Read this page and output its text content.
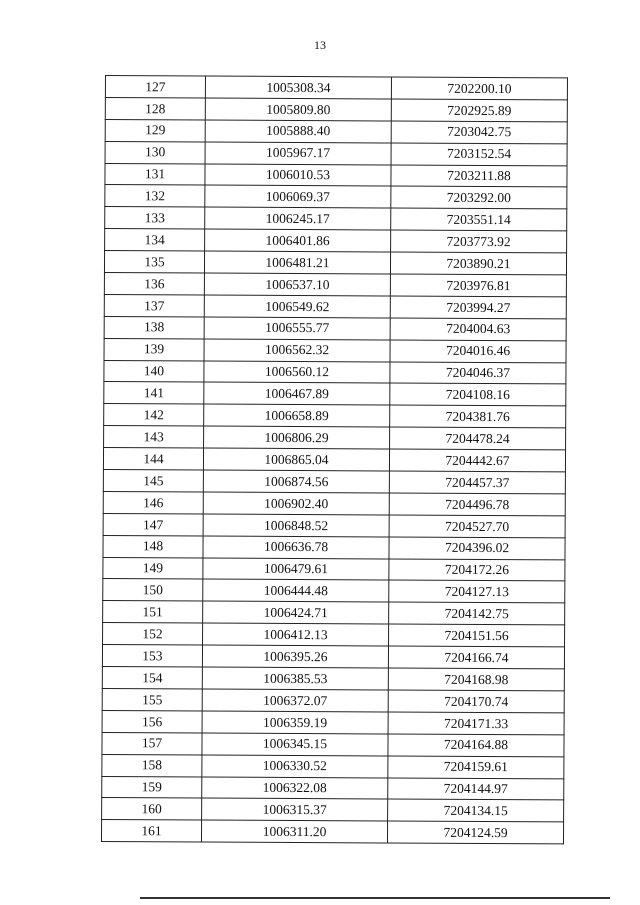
13
127	1005308.34	7202200.10
128	1005809.80	7202925.89
129	1005888.40	7203042.75
130	1005967.17	7203152.54
131	1006010.53	7203211.88
132	1006069.37	7203292.00
133	1006245.17	7203551.14
134	1006401.86	7203773.92
135	1006481.21	7203890.21
136	1006537.10	7203976.81
137	1006549.62	7203994.27
138	1006555.77	7204004.63
139	1006562.32	7204016.46
140	1006560.12	7204046.37
141	1006467.89	7204108.16
142	1006658.89	7204381.76
143	1006806.29	7204478.24
144	1006865.04	7204442.67
145	1006874.56	7204457.37
146	1006902.40	7204496.78
147	1006848.52	7204527.70
148	1006636.78	7204396.02
149	1006479.61	7204172.26
150	1006444.48	7204127.13
151	1006424.71	7204142.75
152	1006412.13	7204151.56
153	1006395.26	7204166.74
154	1006385.53	7204168.98
155	1006372.07	7204170.74
156	1006359.19	7204171.33
157	1006345.15	7204164.88
158	1006330.52	7204159.61
159	1006322.08	7204144.97
160	1006315.37	7204134.15
161	1006311.20	7204124.59
